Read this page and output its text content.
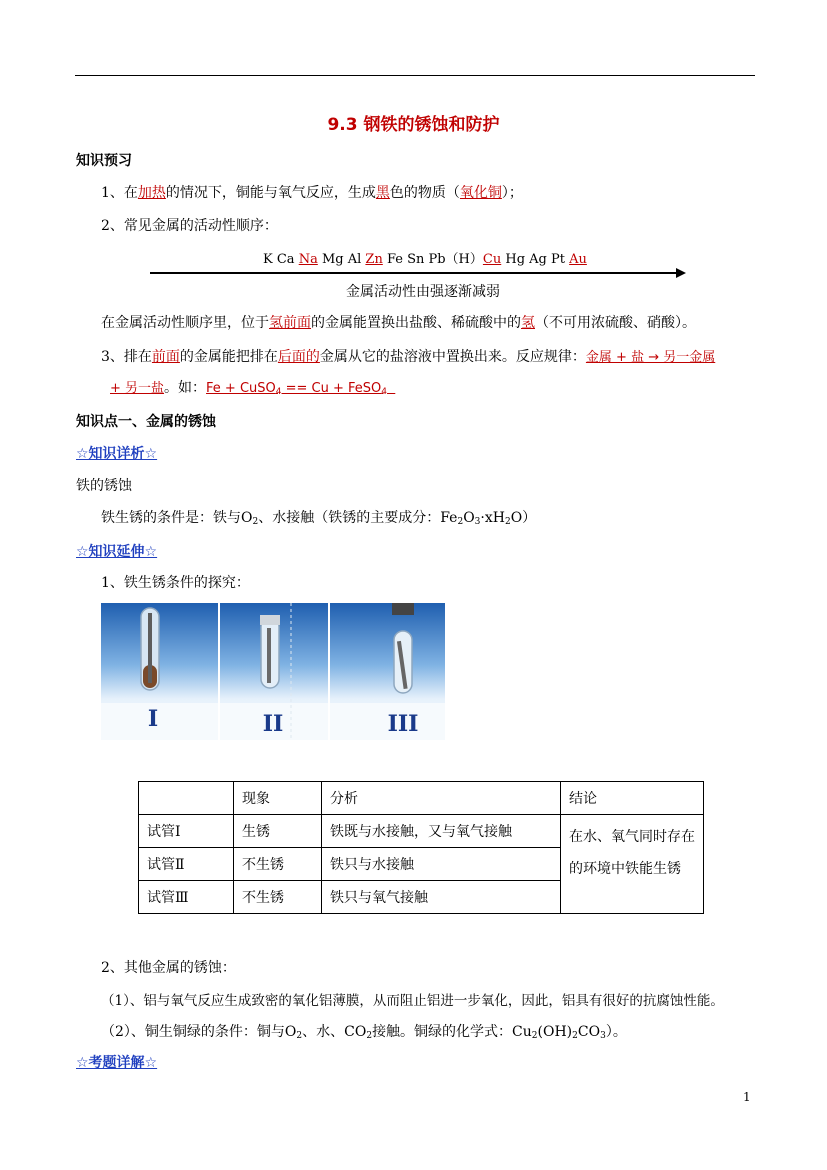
9.3 钢铁的锈蚀和防护
知识预习
1、在加热的情况下，铜能与氧气反应，生成黑色的物质（氧化铜）；
2、常见金属的活动性顺序：
K Ca Na Mg Al Zn Fe Sn Pb（H）Cu Hg Ag Pt Au
金属活动性由强逐渐减弱
在金属活动性顺序里，位于氢前面的金属能置换出盐酸、稀硫酸中的氢（不可用浓硫酸、硝酸）。
3、排在前面的金属能把排在后面的金属从它的盐溶液中置换出来。反应规律：金属 + 盐 → 另一金属
+ 另一盐。如：Fe + CuSO$_4$ == Cu + FeSO$_4$
知识点一、金属的锈蚀
☆知识详析☆
铁的锈蚀
铁生锈的条件是：铁与$O_2$、水接触（铁锈的主要成分：$Fe_2O_3\cdot xH_2O$）
☆知识延伸☆
1、铁生锈条件的探究：
I	II	III
	现象	分析	结论
试管Ⅰ	生锈	铁既与水接触，又与氧气接触	在水、氧气同时存在
的环境中铁能生锈

试管Ⅱ	不生锈	铁只与水接触	
试管Ⅲ	不生锈	铁只与氧气接触	
2、其他金属的锈蚀：
（1）、铝与氧气反应生成致密的氧化铝薄膜，从而阻止铝进一步氧化，因此，铝具有很好的抗腐蚀性能。
（2）、铜生铜绿的条件：铜与$O_2$、水、$CO_2$接触。铜绿的化学式：$Cu_2(OH)_2CO_3$）。
☆考题详解☆
1
